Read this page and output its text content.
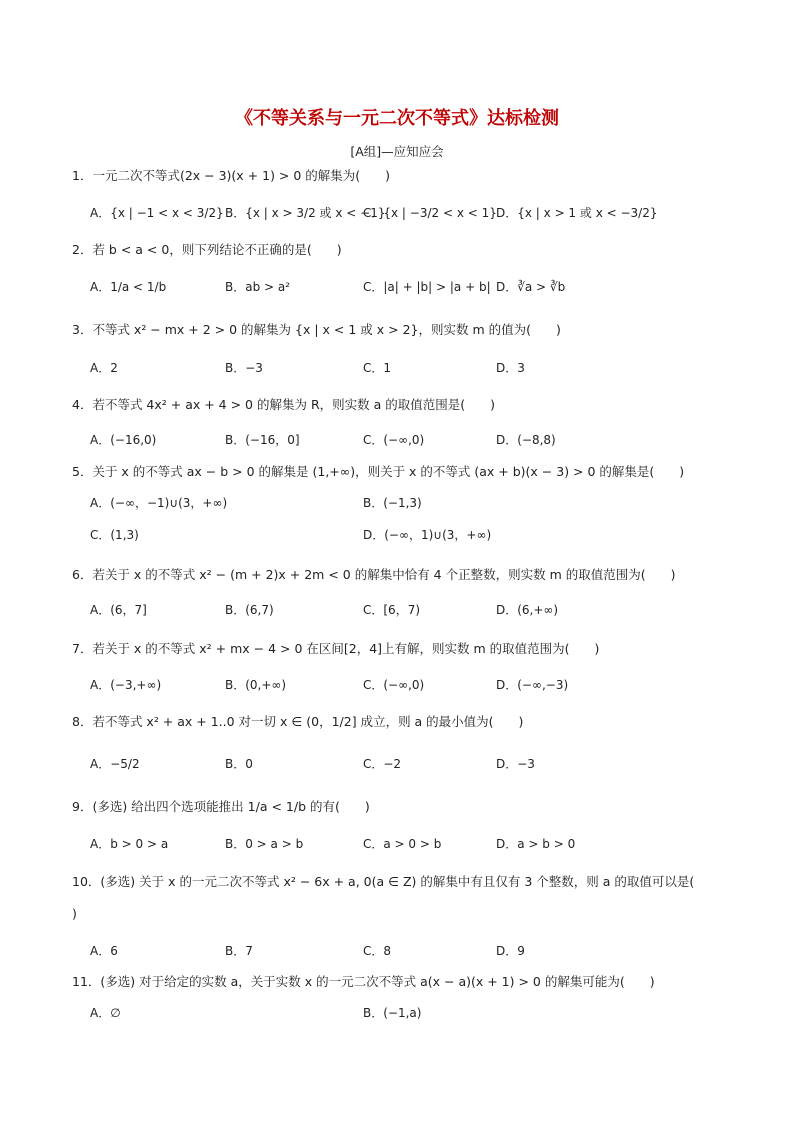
《不等关系与一元二次不等式》达标检测
[A组]—应知应会
1．一元二次不等式(2x − 3)(x + 1) > 0 的解集为(　　)
A．{x | −1 < x < 3/2} B．{x | x > 3/2 或 x < −1}
C．{x | −3/2 < x < 1} D．{x | x > 1 或 x < −3/2}
2．若 b < a < 0，则下列结论不正确的是(　　)
A．1/a < 1/b	B．ab > a²	C．|a| + |b| > |a + b| D．∛a > ∛b
3．不等式 x² − mx + 2 > 0 的解集为 {x | x < 1 或 x > 2}，则实数 m 的值为(　　)
A．2	B．−3	C．1	D．3
4．若不等式 4x² + ax + 4 > 0 的解集为 R，则实数 a 的取值范围是(　　)
A．(−16,0)	B．(−16，0]	C．(−∞,0)	D．(−8,8)
5．关于 x 的不等式 ax − b > 0 的解集是 (1,+∞)，则关于 x 的不等式 (ax + b)(x − 3) > 0 的解集是(　　)
A．(−∞，−1)∪(3，+∞)	B．(−1,3)
C．(1,3)	D．(−∞，1)∪(3，+∞)
6．若关于 x 的不等式 x² − (m + 2)x + 2m < 0 的解集中恰有 4 个正整数，则实数 m 的取值范围为(　　)
A．(6，7]	B．(6,7)	C．[6，7)	D．(6,+∞)
7．若关于 x 的不等式 x² + mx − 4 > 0 在区间[2，4]上有解，则实数 m 的取值范围为(　　)
A．(−3,+∞)	B．(0,+∞)	C．(−∞,0)	D．(−∞,−3)
8．若不等式 x² + ax + 1..0 对一切 x ∈ (0，1/2] 成立，则 a 的最小值为(　　)
A．−5/2	B．0	C．−2	D．−3
9．(多选) 给出四个选项能推出 1/a < 1/b 的有(　　)
A．b > 0 > a	B．0 > a > b	C．a > 0 > b	D．a > b > 0
10．(多选) 关于 x 的一元二次不等式 x² − 6x + a, 0(a ∈ Z) 的解集中有且仅有 3 个整数，则 a 的取值可以是(
)
A．6	B．7	C．8	D．9
11．(多选) 对于给定的实数 a，关于实数 x 的一元二次不等式 a(x − a)(x + 1) > 0 的解集可能为(　　)
A．∅	B．(−1,a)
